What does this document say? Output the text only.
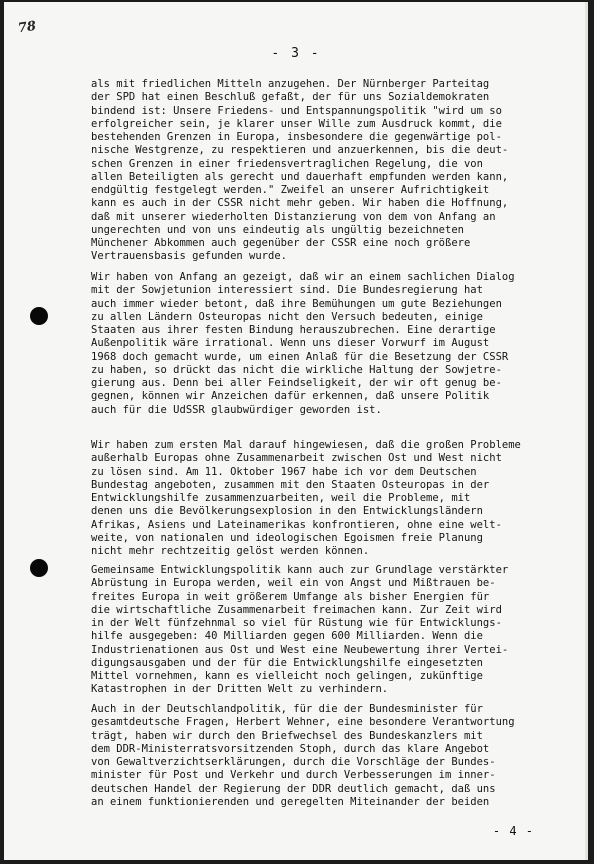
78
- 3 -

als mit friedlichen Mitteln anzugehen. Der Nürnberger Parteitag
der SPD hat einen Beschluß gefaßt, der für uns Sozialdemokraten
bindend ist: Unsere Friedens- und Entspannungspolitik "wird um so
erfolgreicher sein, je klarer unser Wille zum Ausdruck kommt, die
bestehenden Grenzen in Europa, insbesondere die gegenwärtige pol-
nische Westgrenze, zu respektieren und anzuerkennen, bis die deut-
schen Grenzen in einer friedensvertraglichen Regelung, die von
allen Beteiligten als gerecht und dauerhaft empfunden werden kann,
endgültig festgelegt werden." Zweifel an unserer Aufrichtigkeit
kann es auch in der CSSR nicht mehr geben. Wir haben die Hoffnung,
daß mit unserer wiederholten Distanzierung von dem von Anfang an
ungerechten und von uns eindeutig als ungültig bezeichneten
Münchener Abkommen auch gegenüber der CSSR eine noch größere
Vertrauensbasis gefunden wurde.

Wir haben von Anfang an gezeigt, daß wir an einem sachlichen Dialog
mit der Sowjetunion interessiert sind. Die Bundesregierung hat
auch immer wieder betont, daß ihre Bemühungen um gute Beziehungen
zu allen Ländern Osteuropas nicht den Versuch bedeuten, einige
Staaten aus ihrer festen Bindung herauszubrechen. Eine derartige
Außenpolitik wäre irrational. Wenn uns dieser Vorwurf im August
1968 doch gemacht wurde, um einen Anlaß für die Besetzung der CSSR
zu haben, so drückt das nicht die wirkliche Haltung der Sowjetre-
gierung aus. Denn bei aller Feindseligkeit, der wir oft genug be-
gegnen, können wir Anzeichen dafür erkennen, daß unsere Politik
auch für die UdSSR glaubwürdiger geworden ist.

Wir haben zum ersten Mal darauf hingewiesen, daß die großen Probleme
außerhalb Europas ohne Zusammenarbeit zwischen Ost und West nicht
zu lösen sind. Am 11. Oktober 1967 habe ich vor dem Deutschen
Bundestag angeboten, zusammen mit den Staaten Osteuropas in der
Entwicklungshilfe zusammenzuarbeiten, weil die Probleme, mit
denen uns die Bevölkerungsexplosion in den Entwicklungsländern
Afrikas, Asiens und Lateinamerikas konfrontieren, ohne eine welt-
weite, von nationalen und ideologischen Egoismen freie Planung
nicht mehr rechtzeitig gelöst werden können.

Gemeinsame Entwicklungspolitik kann auch zur Grundlage verstärkter
Abrüstung in Europa werden, weil ein von Angst und Mißtrauen be-
freites Europa in weit größerem Umfange als bisher Energien für
die wirtschaftliche Zusammenarbeit freimachen kann. Zur Zeit wird
in der Welt fünfzehnmal so viel für Rüstung wie für Entwicklungs-
hilfe ausgegeben: 40 Milliarden gegen 600 Milliarden. Wenn die
Industrienationen aus Ost und West eine Neubewertung ihrer Vertei-
digungsausgaben und der für die Entwicklungshilfe eingesetzten
Mittel vornehmen, kann es vielleicht noch gelingen, zukünftige
Katastrophen in der Dritten Welt zu verhindern.

Auch in der Deutschlandpolitik, für die der Bundesminister für
gesamtdeutsche Fragen, Herbert Wehner, eine besondere Verantwortung
trägt, haben wir durch den Briefwechsel des Bundeskanzlers mit
dem DDR-Ministerratsvorsitzenden Stoph, durch das klare Angebot
von Gewaltverzichtserklärungen, durch die Vorschläge der Bundes-
minister für Post und Verkehr und durch Verbesserungen im inner-
deutschen Handel der Regierung der DDR deutlich gemacht, daß uns
an einem funktionierenden und geregelten Miteinander der beiden

- 4 -
